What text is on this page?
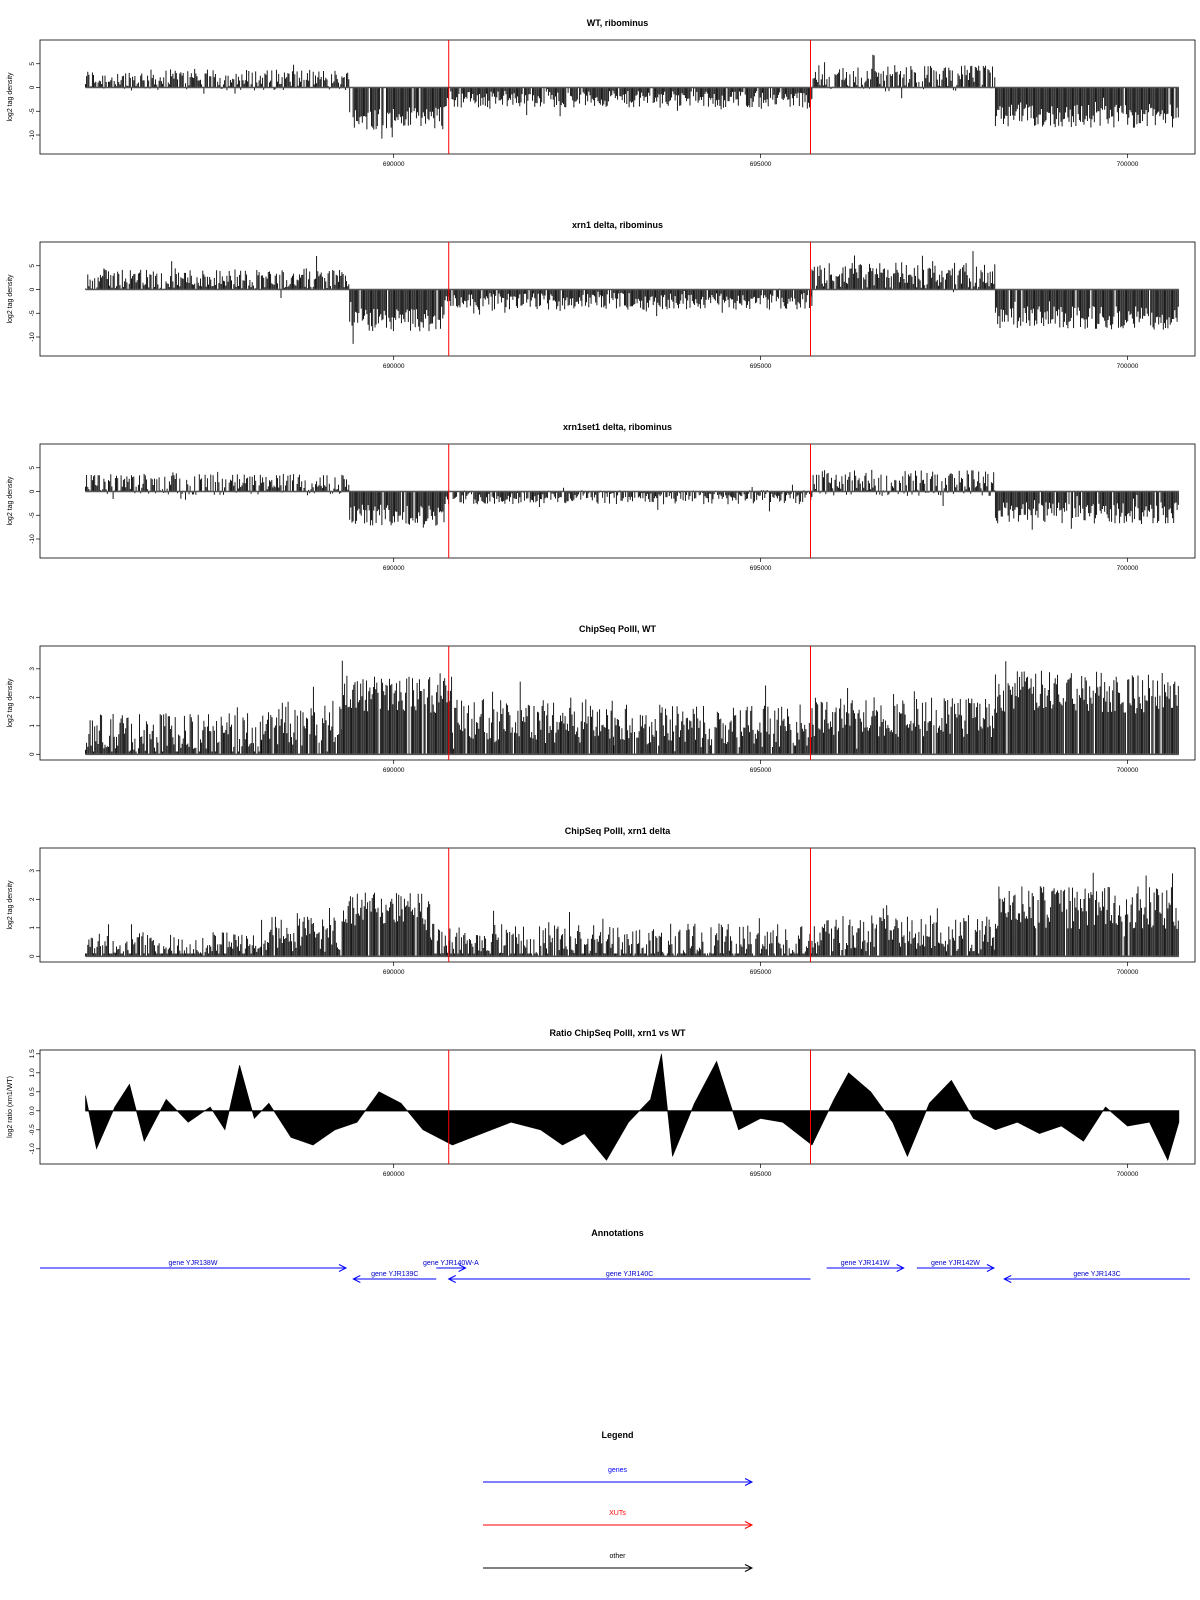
WT, ribominus
-10
-5
0
5
log2 tag density
690000	695000	700000
xrn1 delta, ribominus
-10
-5
0
5
log2 tag density
690000	695000	700000
xrn1set1 delta, ribominus
-10
-5
0
5
log2 tag density
690000	695000	700000
ChipSeq PolII, WT
0
1
2
3
log2 tag density
690000	695000	700000
ChipSeq PolII, xrn1 delta
0
1
2
3
log2 tag density
690000	695000	700000
Ratio ChipSeq PolII, xrn1 vs WT
-1.0
-0.5
0.0
0.5
1.0
1.5
log2 ratio (xrn1/WT)
690000	695000	700000
Annotations
gene YJR138W
gene YJR139C
gene YJR140W-A
gene YJR140C
gene YJR141W	gene YJR142W
gene YJR143C
Legend
genes
XUTs
other
